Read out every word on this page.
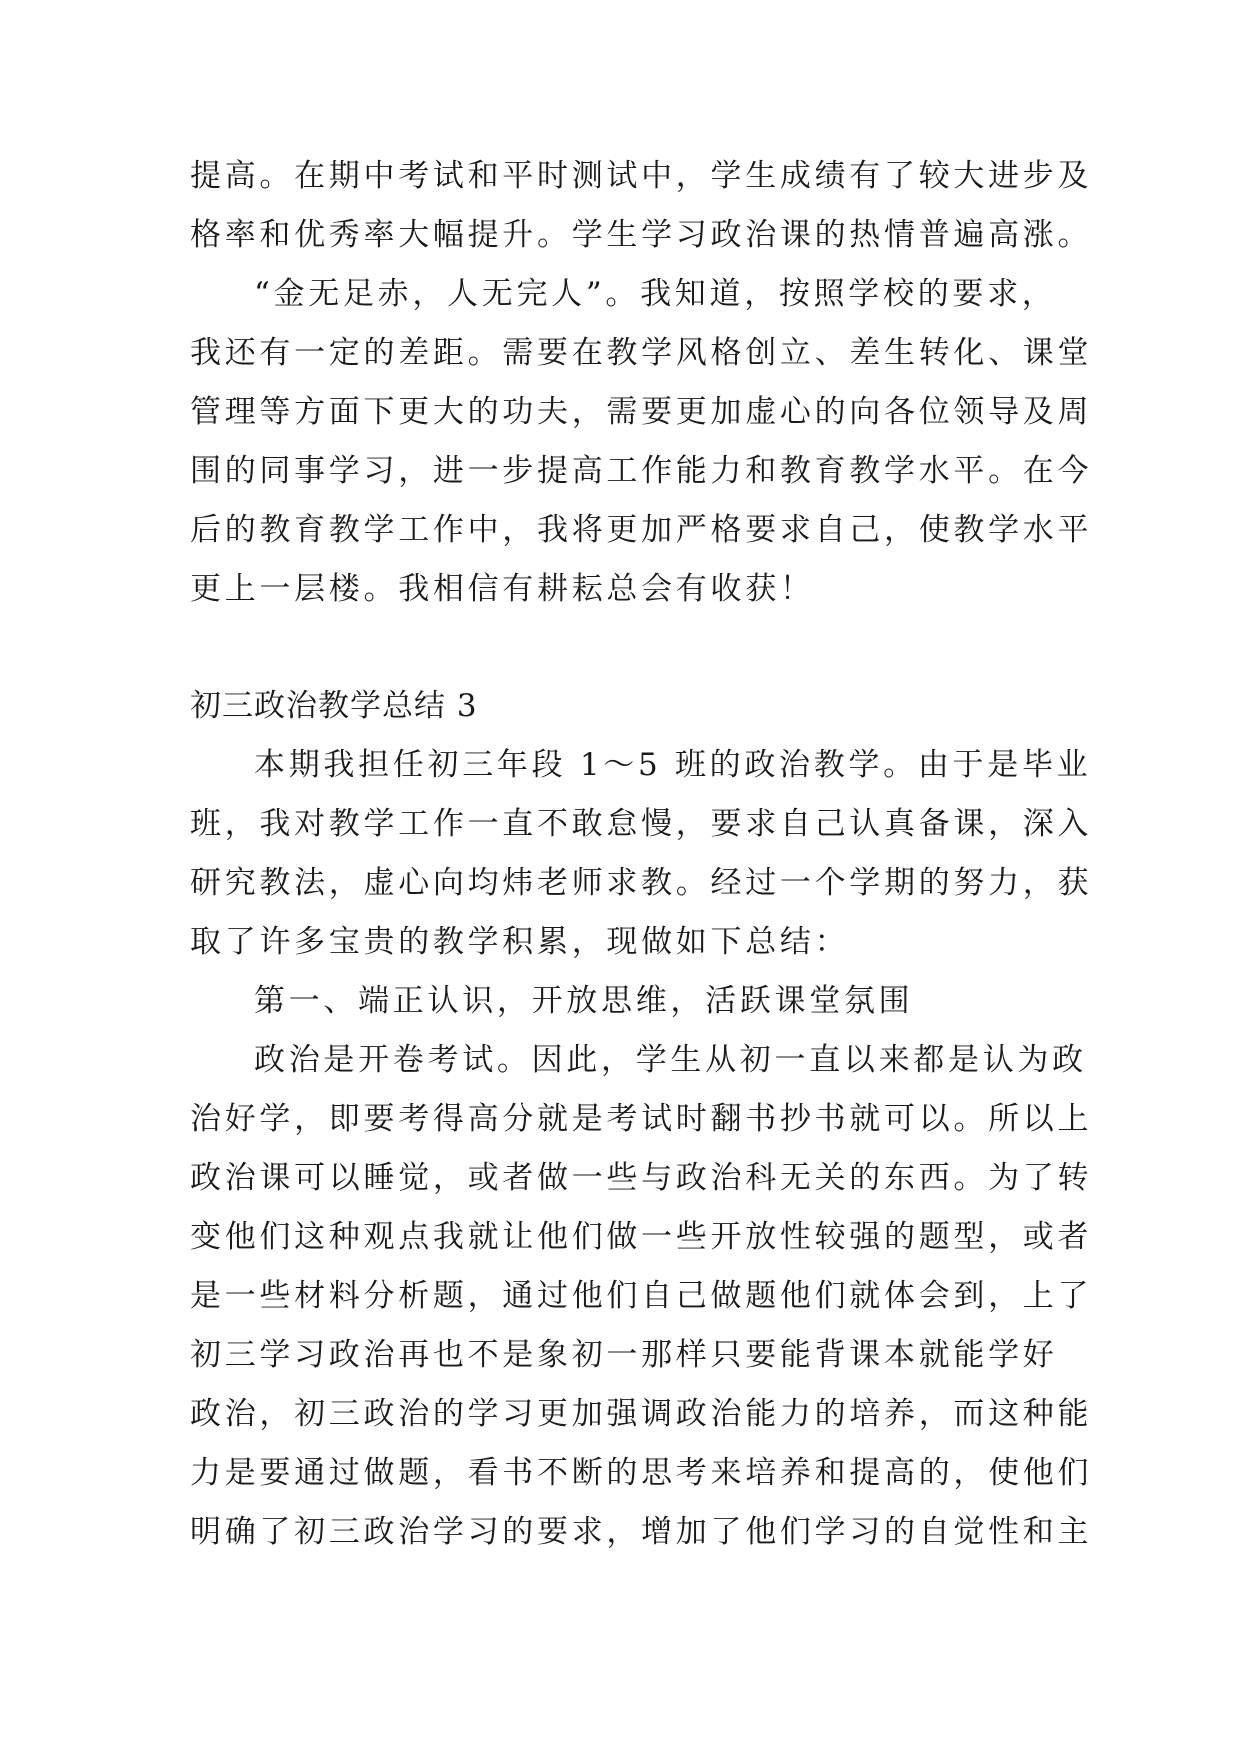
提高。在期中考试和平时测试中，学生成绩有了较大进步及
格率和优秀率大幅提升。学生学习政治课的热情普遍高涨。
“金无足赤，人无完人”。我知道，按照学校的要求，
我还有一定的差距。需要在教学风格创立、差生转化、课堂
管理等方面下更大的功夫，需要更加虚心的向各位领导及周
围的同事学习，进一步提高工作能力和教育教学水平。在今
后的教育教学工作中，我将更加严格要求自己，使教学水平
更上一层楼。我相信有耕耘总会有收获！
初三政治教学总结 3
本期我担任初三年段 1～5 班的政治教学。由于是毕业
班，我对教学工作一直不敢怠慢，要求自己认真备课，深入
研究教法，虚心向均炜老师求教。经过一个学期的努力，获
取了许多宝贵的教学积累，现做如下总结：
第一、端正认识，开放思维，活跃课堂氛围
政治是开卷考试。因此，学生从初一直以来都是认为政
治好学，即要考得高分就是考试时翻书抄书就可以。所以上
政治课可以睡觉，或者做一些与政治科无关的东西。为了转
变他们这种观点我就让他们做一些开放性较强的题型，或者
是一些材料分析题，通过他们自己做题他们就体会到，上了
初三学习政治再也不是象初一那样只要能背课本就能学好
政治，初三政治的学习更加强调政治能力的培养，而这种能
力是要通过做题，看书不断的思考来培养和提高的，使他们
明确了初三政治学习的要求，增加了他们学习的自觉性和主
